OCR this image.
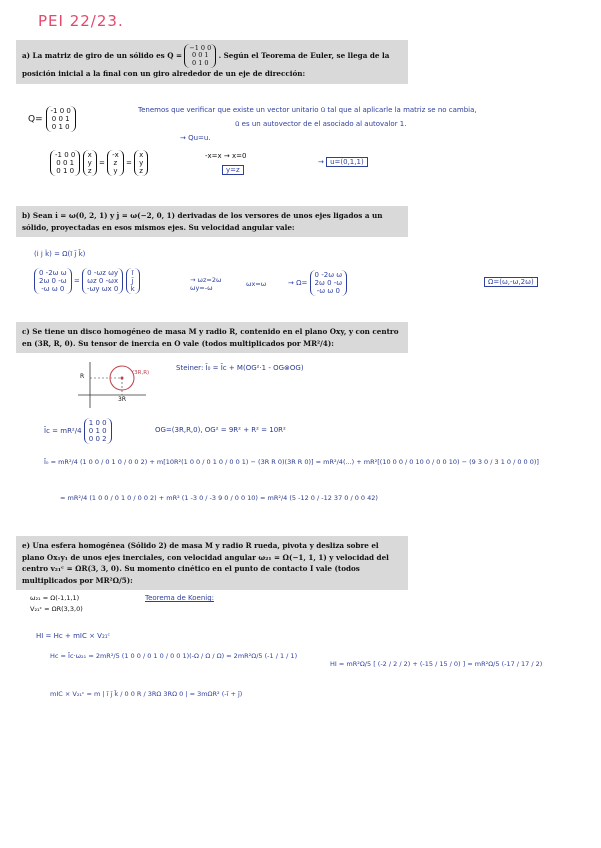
PEI 22/23.
a) La matriz de giro de un sólido es Q = −1 0 0
0 0 1
0 1 0 . Según el Teorema de Euler, se llega de la posición inicial a la final con un giro alrededor de un eje de dirección:
Q= -1 0 0
0 0 1
0 1 0
Tenemos que verificar que existe un vector unitario ū tal que al aplicarle la matriz se no cambia,
ū es un autovector de el asociado al autovalor 1.
→ Qu=u.
-1 0 0
0 0 1
0 1 0 x
y
z = -x
z
y = x
y
z
-x=x → x=0
y=z
→ u=(0,1,1)
b) Sean i̇ = ω(0, 2, 1) y j̇ = ω(−2, 0, 1) derivadas de los versores de unos ejes ligados a un sólido, proyectadas en esos mismos ejes. Su velocidad angular vale:
(i̇ j̇ k̇) = Ω(ī j̄ k̄)
0 -2ω ω
2ω 0 -ω
-ω ω 0 = 0 -ωz ωy
ωz 0 -ωx
-ωy ωx 0 ī
j̄
k̄
→ ωz=2ω
ωy=-ω	ωx=ω	→ Ω= 0 -2ω ω
2ω 0 -ω
-ω ω 0
Ω=(ω,-ω,2ω)
c) Se tiene un disco homogéneo de masa M y radio R, contenido en el plano Oxy, y con centro en (3R, R, 0). Su tensor de inercia en O vale (todos multiplicados por MR²/4):
R
3R
(3R,R)
Steiner: Ī₀ = Īc + M(OG²·1 - OG⊗OG)
Īc = mR²/4 1 0 0
0 1 0
0 0 2
OG=(3R,R,0), OG² = 9R² + R² = 10R²
Ī₀ = mR²/4 (1 0 0 / 0 1 0 / 0 0 2) + m[10R²(1 0 0 / 0 1 0 / 0 0 1) − (3R R 0)(3R R 0)] = mR²/4(...) + mR²[(10 0 0 / 0 10 0 / 0 0 10) − (9 3 0 / 3 1 0 / 0 0 0)]
= mR²/4 (1 0 0 / 0 1 0 / 0 0 2) + mR² (1 -3 0 / -3 9 0 / 0 0 10) = mR²/4 (5 -12 0 / -12 37 0 / 0 0 42)
e) Una esfera homogénea (Sólido 2) de masa M y radio R rueda, pivota y desliza sobre el plano Ox₁y₁ de unos ejes inerciales, con velocidad angular ω₂₁ = Ω(−1, 1, 1) y velocidad del centro v₂₁ᶜ = ΩR(3, 3, 0). Su momento cinético en el punto de contacto I vale (todos multiplicados por MR²Ω/5):
ω₂₁ = Ω(-1,1,1)
V₂₁ᶜ = ΩR(3,3,0)
Teorema de Koenig:
HI = Hc + mIC × V₂₁ᶜ
Hc = Īc·ω₂₁ = 2mR²/5 (1 0 0 / 0 1 0 / 0 0 1)(-Ω / Ω / Ω) = 2mR²Ω/5 (-1 / 1 / 1)
mIC × V₂₁ᶜ = m | ī j̄ k̄ / 0 0 R / 3RΩ 3RΩ 0 | = 3mΩR² (-ī + j̄)
HI = mR²Ω/5 [ (-2 / 2 / 2) + (-15 / 15 / 0) ] = mR²Ω/5 (-17 / 17 / 2)
